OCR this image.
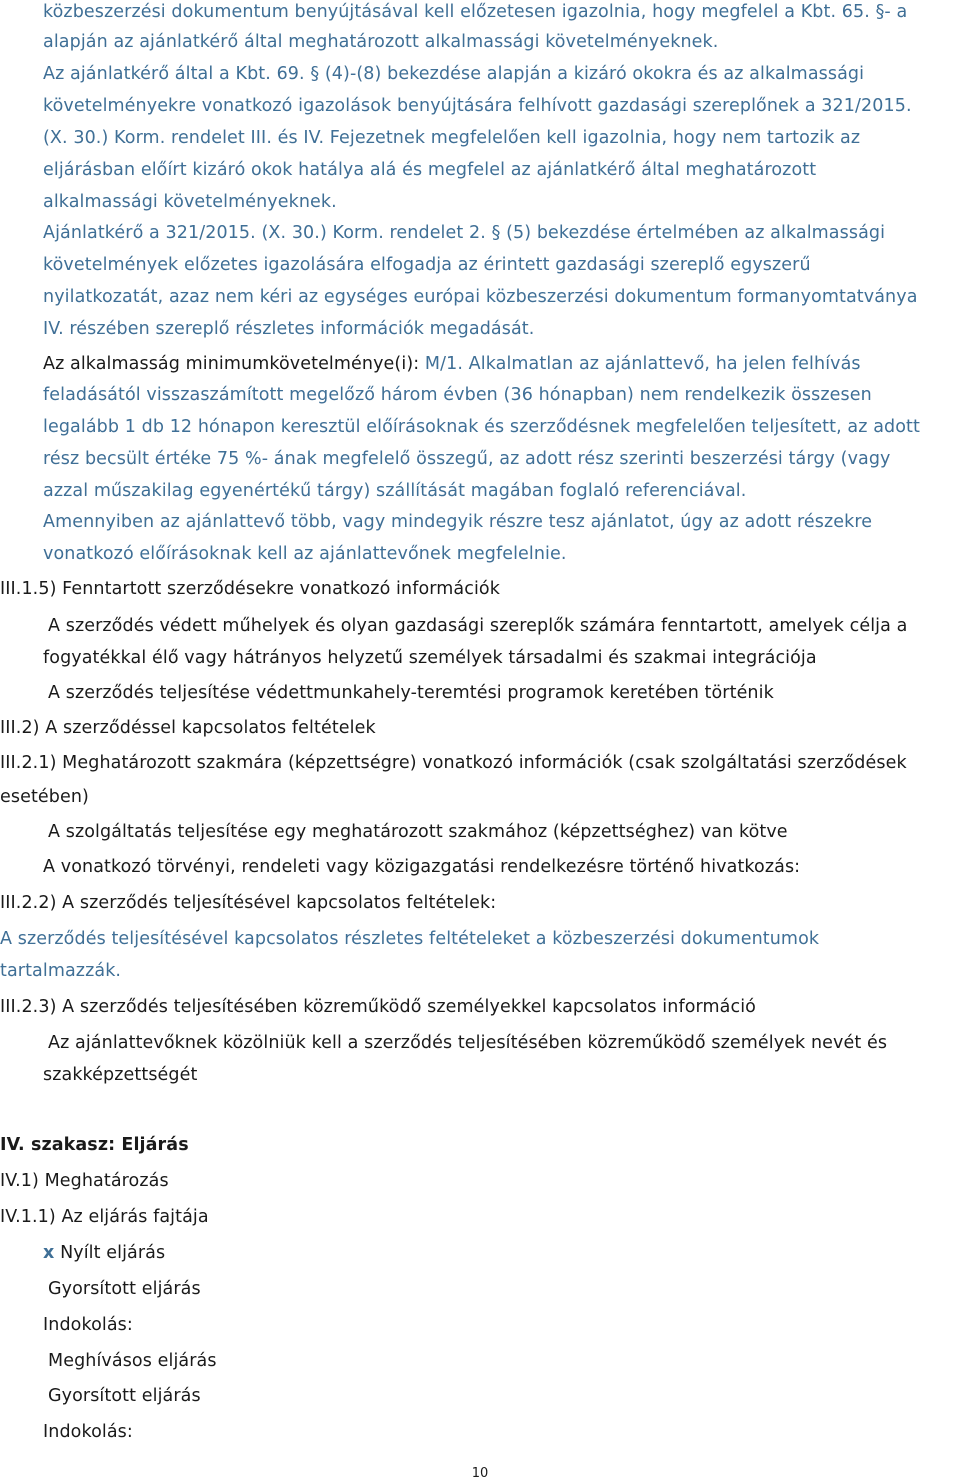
közbeszerzési dokumentum benyújtásával kell előzetesen igazolnia, hogy megfelel a Kbt. 65. §- a
alapján az ajánlatkérő által meghatározott alkalmassági követelményeknek.
Az ajánlatkérő által a Kbt. 69. § (4)-(8) bekezdése alapján a kizáró okokra és az alkalmassági
követelményekre vonatkozó igazolások benyújtására felhívott gazdasági szereplőnek a 321/2015.
(X. 30.) Korm. rendelet III. és IV. Fejezetnek megfelelően kell igazolnia, hogy nem tartozik az
eljárásban előírt kizáró okok hatálya alá és megfelel az ajánlatkérő által meghatározott
alkalmassági követelményeknek.
Ajánlatkérő a 321/2015. (X. 30.) Korm. rendelet 2. § (5) bekezdése értelmében az alkalmassági
követelmények előzetes igazolására elfogadja az érintett gazdasági szereplő egyszerű
nyilatkozatát, azaz nem kéri az egységes európai közbeszerzési dokumentum formanyomtatványa
IV. részében szereplő részletes információk megadását.
Az alkalmasság minimumkövetelménye(i): M/1. Alkalmatlan az ajánlattevő, ha jelen felhívás
feladásától visszaszámított megelőző három évben (36 hónapban) nem rendelkezik összesen
legalább 1 db 12 hónapon keresztül előírásoknak és szerződésnek megfelelően teljesített, az adott
rész becsült értéke 75 %- ának megfelelő összegű, az adott rész szerinti beszerzési tárgy (vagy
azzal műszakilag egyenértékű tárgy) szállítását magában foglaló referenciával.
Amennyiben az ajánlattevő több, vagy mindegyik részre tesz ajánlatot, úgy az adott részekre
vonatkozó előírásoknak kell az ajánlattevőnek megfelelnie.
III.1.5) Fenntartott szerződésekre vonatkozó információk
A szerződés védett műhelyek és olyan gazdasági szereplők számára fenntartott, amelyek célja a
fogyatékkal élő vagy hátrányos helyzetű személyek társadalmi és szakmai integrációja
A szerződés teljesítése védettmunkahely-teremtési programok keretében történik
III.2) A szerződéssel kapcsolatos feltételek
III.2.1) Meghatározott szakmára (képzettségre) vonatkozó információk (csak szolgáltatási szerződések
esetében)
A szolgáltatás teljesítése egy meghatározott szakmához (képzettséghez) van kötve
A vonatkozó törvényi, rendeleti vagy közigazgatási rendelkezésre történő hivatkozás:
III.2.2) A szerződés teljesítésével kapcsolatos feltételek:
A szerződés teljesítésével kapcsolatos részletes feltételeket a közbeszerzési dokumentumok
tartalmazzák.
III.2.3) A szerződés teljesítésében közreműködő személyekkel kapcsolatos információ
Az ajánlattevőknek közölniük kell a szerződés teljesítésében közreműködő személyek nevét és
szakképzettségét
IV. szakasz: Eljárás
IV.1) Meghatározás
IV.1.1) Az eljárás fajtája
x Nyílt eljárás
Gyorsított eljárás
Indokolás:
Meghívásos eljárás
Gyorsított eljárás
Indokolás:
10
